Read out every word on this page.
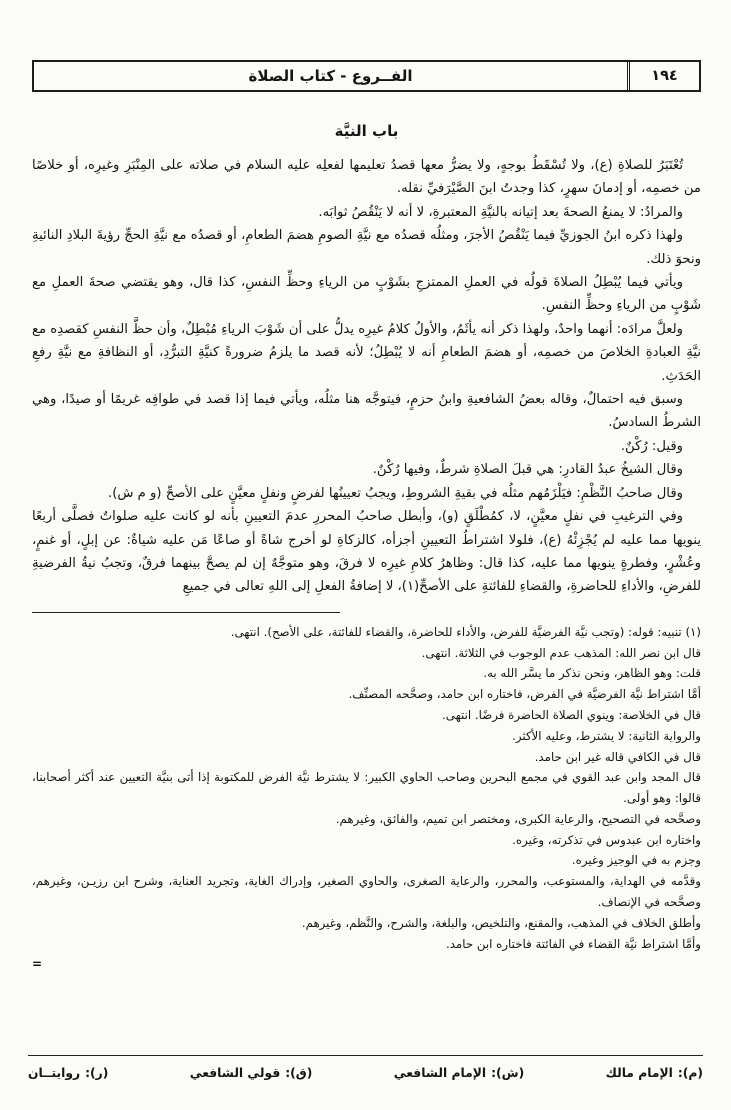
١٩٤
الفــروع - كتاب الصلاة
باب النيَّة

تُعْتَبَرُ للصلاةِ (ع)، ولا تُسْقَطُ بوجهٍ، ولا يضرُّ معها قصدُ تعليمها لفعلِه عليه السلام في صلاته على المِنْبَرِ وغيرِه، أو خلاصًا من خصمِه، أو إدمانَ سهرٍ، كذا وجدتُ ابنَ الصَّيْرَفيِّ نقله.

والمرادُ: لا يمنعُ الصحةَ بعد إتيانه بالنيَّةِ المعتبرةِ، لا أنه لا يَنْقُصُ ثوابَه.

ولهذا ذكره ابنُ الجوزيِّ فيما يَنْقُصُ الأجرَ، ومثلُه قصدُه مع نيَّةِ الصومِ هضمَ الطعامِ، أو قصدُه مع نيَّةِ الحجِّ رؤيةَ البلادِ النائيةِ ونحوَ ذلك.

ويأتي فيما يُبْطِلُ الصلاةَ قولُه في العملِ الممتزجِ بشَوْبٍ من الرياءِ وحظِّ النفسِ، كذا قال، وهو يقتضي صحةَ العملِ مع شَوْبٍ من الرياءِ وحظِّ النفسِ.

ولعلَّ مرادَه: أنهما واحدٌ، ولهذا ذكر أنه يأثَمُ، والأولُ كلامُ غيرِه يدلُّ على أن شَوْبَ الرياءِ مُبْطِلٌ، وأن حظَّ النفسِ كقصدِه مع نيَّةِ العبادةِ الخلاصَ من خصمِه، أو هضمَ الطعامِ أنه لا يُبْطِلُ؛ لأنه قصد ما يلزمُ ضرورةً كنيَّةِ التبرُّدِ، أو النظافةِ مع نيَّةِ رفعِ الحَدَثِ.

وسبق فيه احتمالٌ، وقاله بعضُ الشافعيةِ وابنُ حزمٍ، فيتوجَّه هنا مثلُه، ويأتي فيما إذا قصد في طوافِه غريمًا أو صيدًا، وهي الشرطُ السادسُ.

وقيل: رُكْنٌ.

وقال الشيخُ عبدُ القادرِ: هي قبلَ الصلاةِ شرطٌ، وفيها رُكْنٌ.

وقال صاحبُ النَّظْمِ: فيَلْزَمُهم مثلُه في بقيةِ الشروطِ، ويجبُ تعيينُها لفرضٍ ونفلٍ معيَّنٍ على الأصحِّ (و م ش).

وفي الترغيبِ في نفلٍ معيَّنٍ، لا، كمُطْلَقٍ (و)، وأبطل صاحبُ المحررِ عدمَ التعيينِ بأنه لو كانت عليه صلواتٌ فصلَّى أربعًا ينويها مما عليه لم يُجْزِئْهُ (ع)، فلولا اشتراطُ التعيينِ أجزأه، كالزكاةِ لو أخرج شاةً أو صاعًا مَن عليه شياةٌ: عن إبلٍ، أو غنمٍ، وعُشْرٍ، وفطرةٍ ينويها مما عليه، كذا قال: وظاهرُ كلامِ غيرِه لا فرقَ، وهو متوجَّهٌ إن لم يصحَّ بينهما فرقٌ، وتجبُ نيةُ الفرضيةِ للفرضِ، والأداءِ للحاضرةِ، والقضاءِ للفائتةِ على الأصحِّ(١)، لا إضافةُ الفعلِ إلى اللهِ تعالى في جميعِ

(١) تنبيه: قوله: (وتجب نيَّة الفرضيَّة للفرض، والأداء للحاضرة، والقضاء للفائتة، على الأصح). انتهى.

قال ابن نصر الله: المذهب عدم الوجوب في الثلاثة. انتهى.

قلت: وهو الظاهر، ونحن نذكر ما يسَّر الله به.

أمَّا اشتراط نيَّة الفرضيَّة في الفرض، فاختاره ابن حامد، وصحَّحه المصنِّف.

قال في الخلاصة: وينوي الصلاة الحاضرة فرضًا. انتهى.

والرواية الثانية: لا يشترط، وعليه الأكثر.

قال في الكافي قاله غير ابن حامد.

قال المجد وابن عبد القوي في مجمع البحرين وصاحب الحاوي الكبير: لا يشترط نيَّة الفرض للمكتوبة إذا أتى بنيَّة التعيين عند أكثر أصحابنا، قالوا: وهو أولى.

وصحَّحه في التصحيح، والرعاية الكبرى، ومختصر ابن تميم، والفائق، وغيرهم.

واختاره ابن عبدوس في تذكرته، وغيره.

وجزم به في الوجيز وغيره.

وقدَّمه في الهداية، والمستوعب، والمحرر، والرعاية الصغرى، والحاوي الصغير، وإدراك الغاية، وتجريد العناية، وشرح ابن رزيـن، وغيرهم، وصحَّحه في الإنصاف.

وأطلق الخلاف في المذهب، والمقنع، والتلخيص، والبلغة، والشرح، والنَّظم، وغيرهم.

وأمَّا اشتراط نيَّة القضاء في الفائتة فاختاره ابن حامد.

=
(م):الإمام مالك
(ش):الإمام الشافعي
(ق):قولي الشافعي
(ر):روايتــان
